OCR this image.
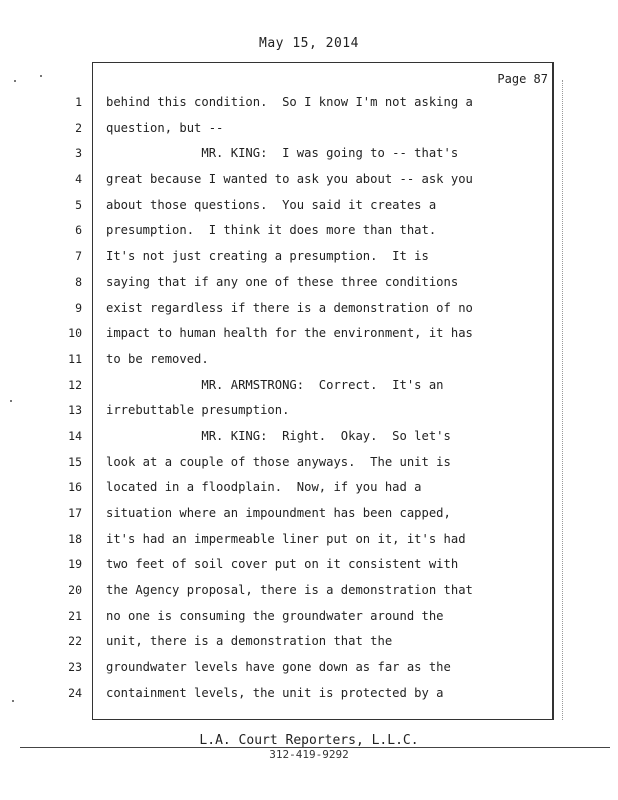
May 15, 2014
Page 87
1
2
3
4
5
6
7
8
9
10
11
12
13
14
15
16
17
18
19
20
21
22
23
24
behind this condition.  So I know I'm not asking a
question, but --
MR. KING:  I was going to -- that's
great because I wanted to ask you about -- ask you
about those questions.  You said it creates a
presumption.  I think it does more than that.
It's not just creating a presumption.  It is
saying that if any one of these three conditions
exist regardless if there is a demonstration of no
impact to human health for the environment, it has
to be removed.
MR. ARMSTRONG:  Correct.  It's an
irrebuttable presumption.
MR. KING:  Right.  Okay.  So let's
look at a couple of those anyways.  The unit is
located in a floodplain.  Now, if you had a
situation where an impoundment has been capped,
it's had an impermeable liner put on it, it's had
two feet of soil cover put on it consistent with
the Agency proposal, there is a demonstration that
no one is consuming the groundwater around the
unit, there is a demonstration that the
groundwater levels have gone down as far as the
containment levels, the unit is protected by a
L.A. Court Reporters, L.L.C.
312-419-9292
